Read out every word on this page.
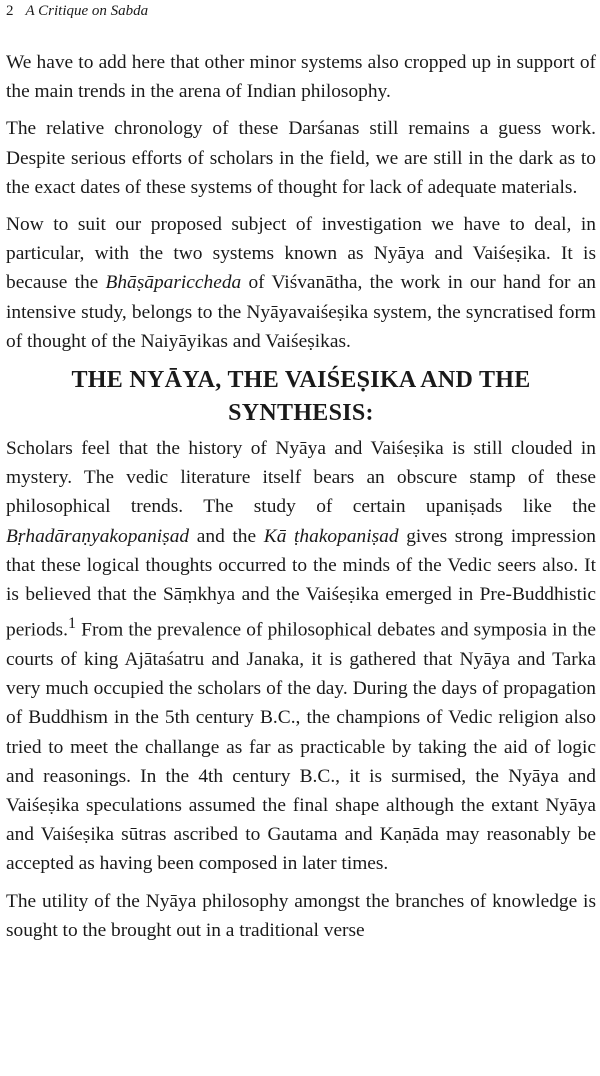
2 A Critique on Sabda

We have to add here that other minor systems also cropped up in support of the main trends in the arena of Indian philosophy.

The relative chronology of these Darśanas still remains a guess work. Despite serious efforts of scholars in the field, we are still in the dark as to the exact dates of these systems of thought for lack of adequate materials.

Now to suit our proposed subject of investigation we have to deal, in particular, with the two systems known as Nyāya and Vaiśeṣika. It is because the Bhāṣāpariccheda of Viśvanātha, the work in our hand for an intensive study, belongs to the Nyāyavaiśeṣika system, the syncratised form of thought of the Naiyāyikas and Vaiśeṣikas.

THE NYĀYA, THE VAIŚEṢIKA AND THE
SYNTHESIS:

Scholars feel that the history of Nyāya and Vaiśeṣika is still clouded in mystery. The vedic literature itself bears an obscure stamp of these philosophical trends. The study of certain upaniṣads like the Bṛhadāraṇyakopaniṣad and the Kā ṭhakopaniṣad gives strong impression that these logical thoughts occurred to the minds of the Vedic seers also. It is believed that the Sāṃkhya and the Vaiśeṣika emerged in Pre-Buddhistic periods.$^1$ From the prevalence of philosophical debates and symposia in the courts of king Ajātaśatru and Janaka, it is gathered that Nyāya and Tarka very much occupied the scholars of the day. During the days of propagation of Buddhism in the 5th century B.C., the champions of Vedic religion also tried to meet the challange as far as practicable by taking the aid of logic and reasonings. In the 4th century B.C., it is surmised, the Nyāya and Vaiśeṣika speculations assumed the final shape although the extant Nyāya and Vaiśeṣika sūtras ascribed to Gautama and Kaṇāda may reasonably be accepted as having been composed in later times.

The utility of the Nyāya philosophy amongst the branches of knowledge is sought to the brought out in a traditional verse
